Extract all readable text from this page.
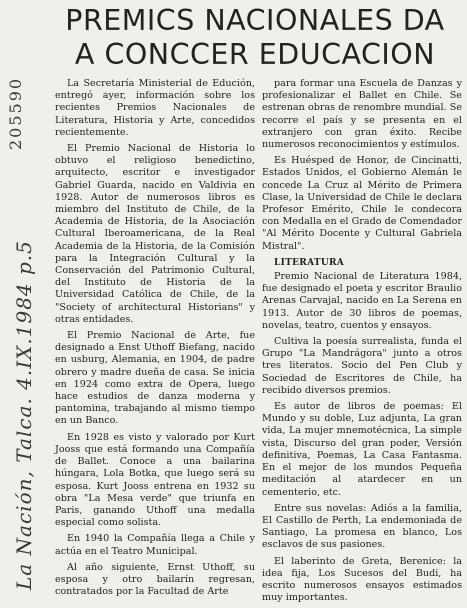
PREMICS NACIONALES DA
A CONCCER EDUCACION
205590
La Nación, Talca. 4.IX.1984 p.5

La Secretaría Ministerial de Edución, entregó ayer, información sobre los recientes Premios Nacionales de Literatura, Historia y Arte, concedidos recientemente.

El Premio Nacional de Historia lo obtuvo el religioso benedictino, arquitecto, escritor e investigador Gabriel Guarda, nacido en Valdivia en 1928. Autor de numerosos libros es miembro del Instituto de Chile, de la Academia de Historia, de la Asociación Cultural Iberoamericana, de la Real Academia de la Historia, de la Comisión para la Integración Cultural y la Conservación del Patrimonio Cultural, del Instituto de Historia de la Universidad Católica de Chile, de la "Society of architectural Historians" y otras entidades.

El Premio Nacional de Arte, fue designado a Enst Uthoff Biefang, nacido en usburg, Alemania, en 1904, de padre obrero y madre dueña de casa. Se inicia en 1924 como extra de Opera, luego hace estudios de danza moderna y pantomina, trabajando al mismo tiempo en un Banco.

En 1928 es visto y valorado por Kurt Jooss que está formando una Compañía de Ballet. Conoce a una bailarina húngara, Lola Botka, que luego será su esposa. Kurt Jooss entrena en 1932 su obra "La Mesa verde" que triunfa en Paris, ganando Uthoff una medalla especial como solista.

En 1940 la Compañía llega a Chile y actúa en el Teatro Municipal.

Al año siguiente, Ernst Uthoff, su esposa y otro bailarín regresan, contratados por la Facultad de Arte

para formar una Escuela de Danzas y profesionalizar el Ballet en Chile. Se estrenan obras de renombre mundial. Se recorre el país y se presenta en el extranjero con gran éxito. Recibe numerosos reconocimientos y estímulos.

Es Huésped de Honor, de Cincinatti, Estados Unidos, el Gobierno Alemán le concede La Cruz al Mérito de Primera Clase, la Universidad de Chile le declara Profesor Emérito, Chile le condecora con Medalla en el Grado de Comendador "Al Mérito Docente y Cultural Gabriela Mistral".

LITERATURA

Premio Nacional de Literatura 1984, fue designado el poeta y escritor Braulio Arenas Carvajal, nacido en La Serena en 1913. Autor de 30 libros de poemas, novelas, teatro, cuentos y ensayos.

Cultiva la poesía surrealista, funda el Grupo "La Mandrágora" junto a otros tres literatos. Socio del Pen Club y Sociedad de Escritores de Chile, ha recibido diversos premios.

Es autor de libros de poemas: El Mundo y su doble, Luz adjunta, La gran vida, La mujer mnemotécnica, La simple vista, Discurso del gran poder, Versión definitiva, Poemas, La Casa Fantasma. En el mejor de los mundos Pequeña meditación al atardecer en un cementerio, etc.

Entre sus novelas: Adiós a la familia, El Castillo de Perth, La endemoniada de Santiago, La promesa en blanco, Los esclavos de sus pasiones.

El laberinto de Greta, Berenice: la idea fija, Los Sucesos del Budi, ha escrito numerosos ensayos estimados muy importantes.
